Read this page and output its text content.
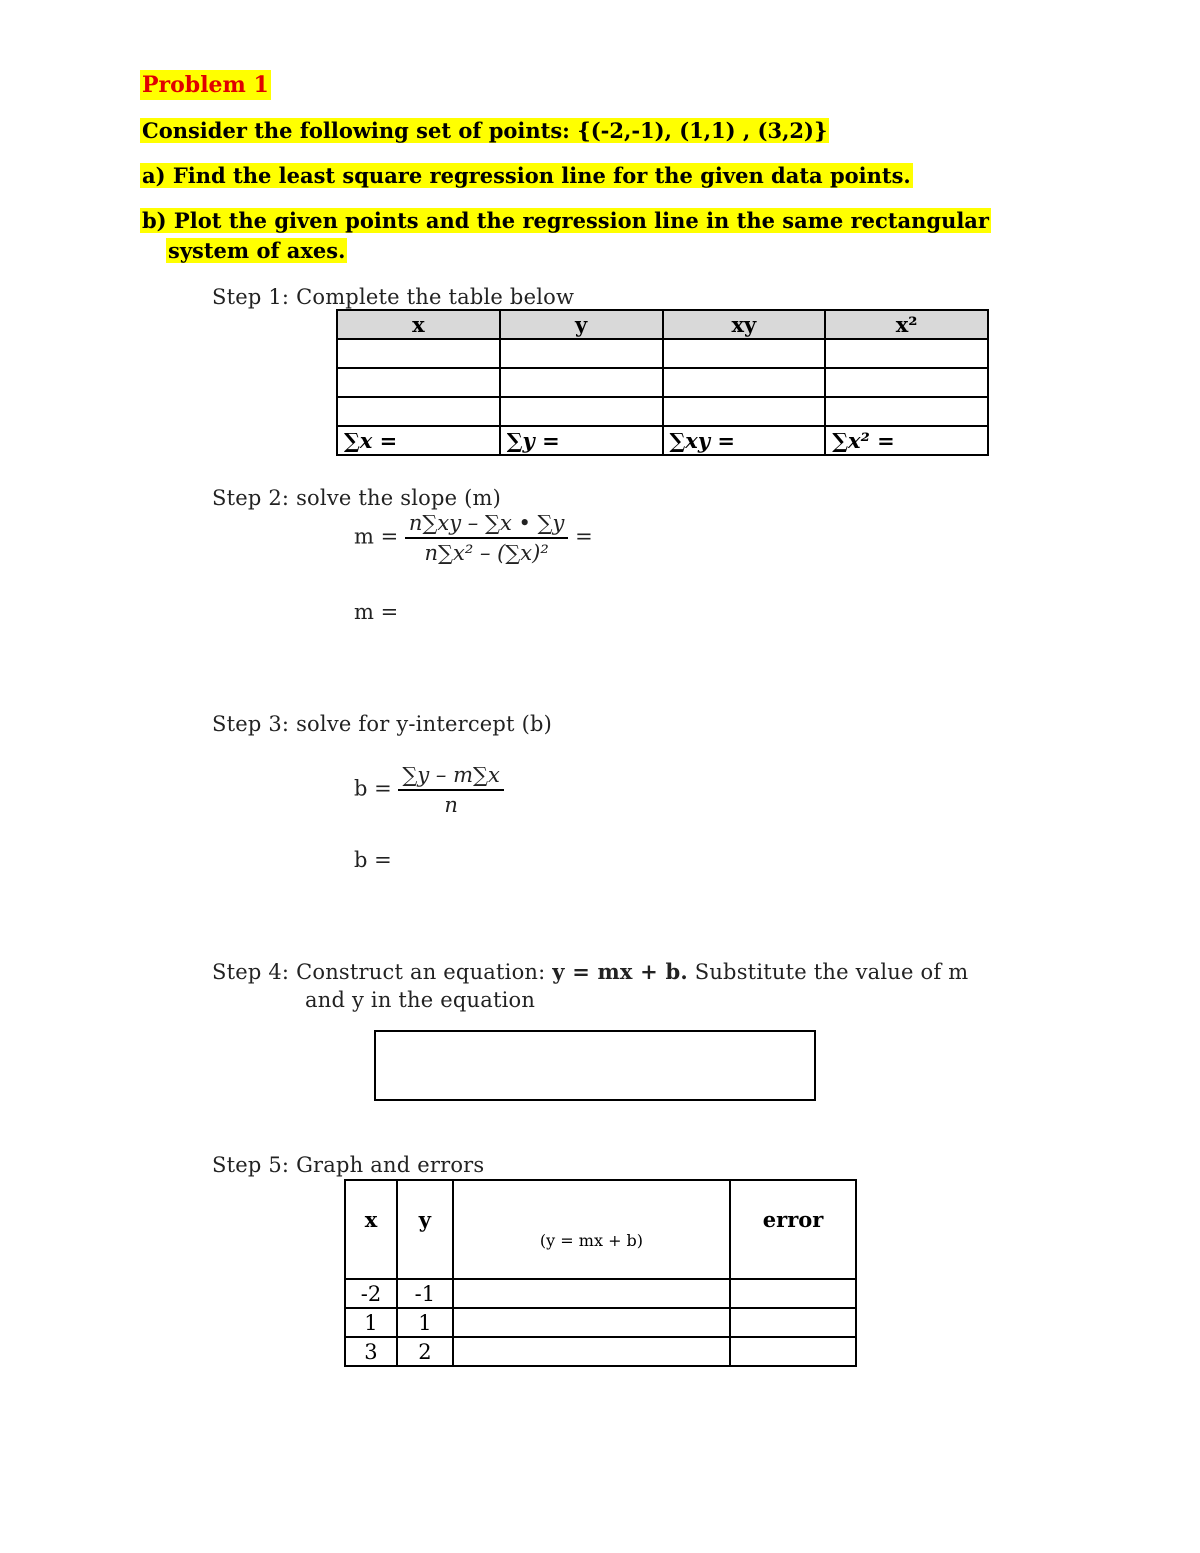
Problem 1
Consider the following set of points: {(-2,-1), (1,1) , (3,2)}
a) Find the least square regression line for the given data points.
b) Plot the given points and the regression line in the same rectangular
system of axes.
Step 1: Complete the table below
x	y	xy	x²

∑x =	∑y =	∑xy =	∑x² =
Step 2: solve the slope (m)
$m = \frac{n\sum xy - \sum x • \sum y}{\text{n∑x² – (∑x)²}}$ =
m =
Step 3: solve for y-intercept (b)
$b = \frac{\sum y - m\sum x}{n}$
b =
Step 4: Construct an equation: y = mx + b. Substitute the value of m
and y in the equation
Step 5: Graph and errors
x	y	(y = mx + b)	error
-2	-1		
1	1		
3	2		
